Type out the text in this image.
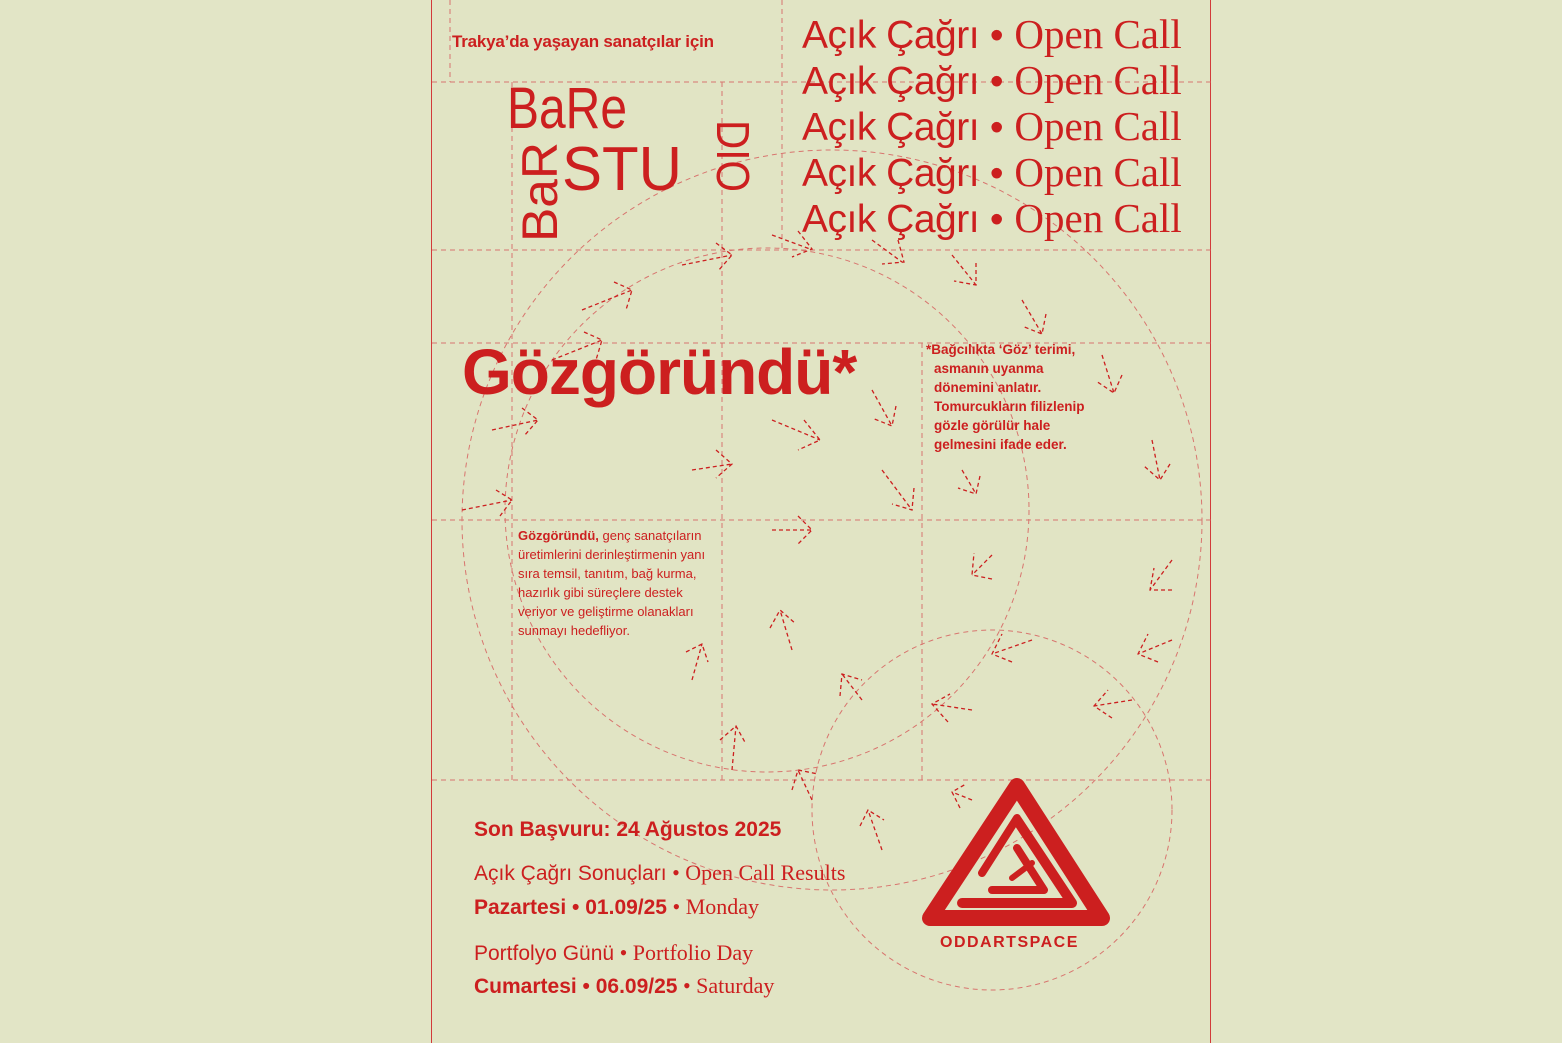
Trakya’da yaşayan sanatçılar için Açık Çağrı • Open Call
Açık Çağrı • Open Call
Açık Çağrı • Open Call
Açık Çağrı • Open Call
Açık Çağrı • Open Call
BaRe
BaR
STU DIO
Gözgöründü*	*Bağcılıkta ‘Göz’ terimi,
asmanın uyanma
dönemini anlatır.
Tomurcukların filizlenip
gözle görülür hale
gelmesini ifade eder.
Gözgöründü, genç sanatçıların üretimlerini derinleştirmenin yanı sıra temsil, tanıtım, bağ kurma, hazırlık gibi süreçlere destek veriyor ve geliştirme olanakları sunmayı hedefliyor.
Son Başvuru: 24 Ağustos 2025
Açık Çağrı Sonuçları • Open Call Results
Pazartesi • 01.09/25 • Monday
Portfolyo Günü • Portfolio Day
Cumartesi • 06.09/25 • Saturday
ODDARTSPACE
